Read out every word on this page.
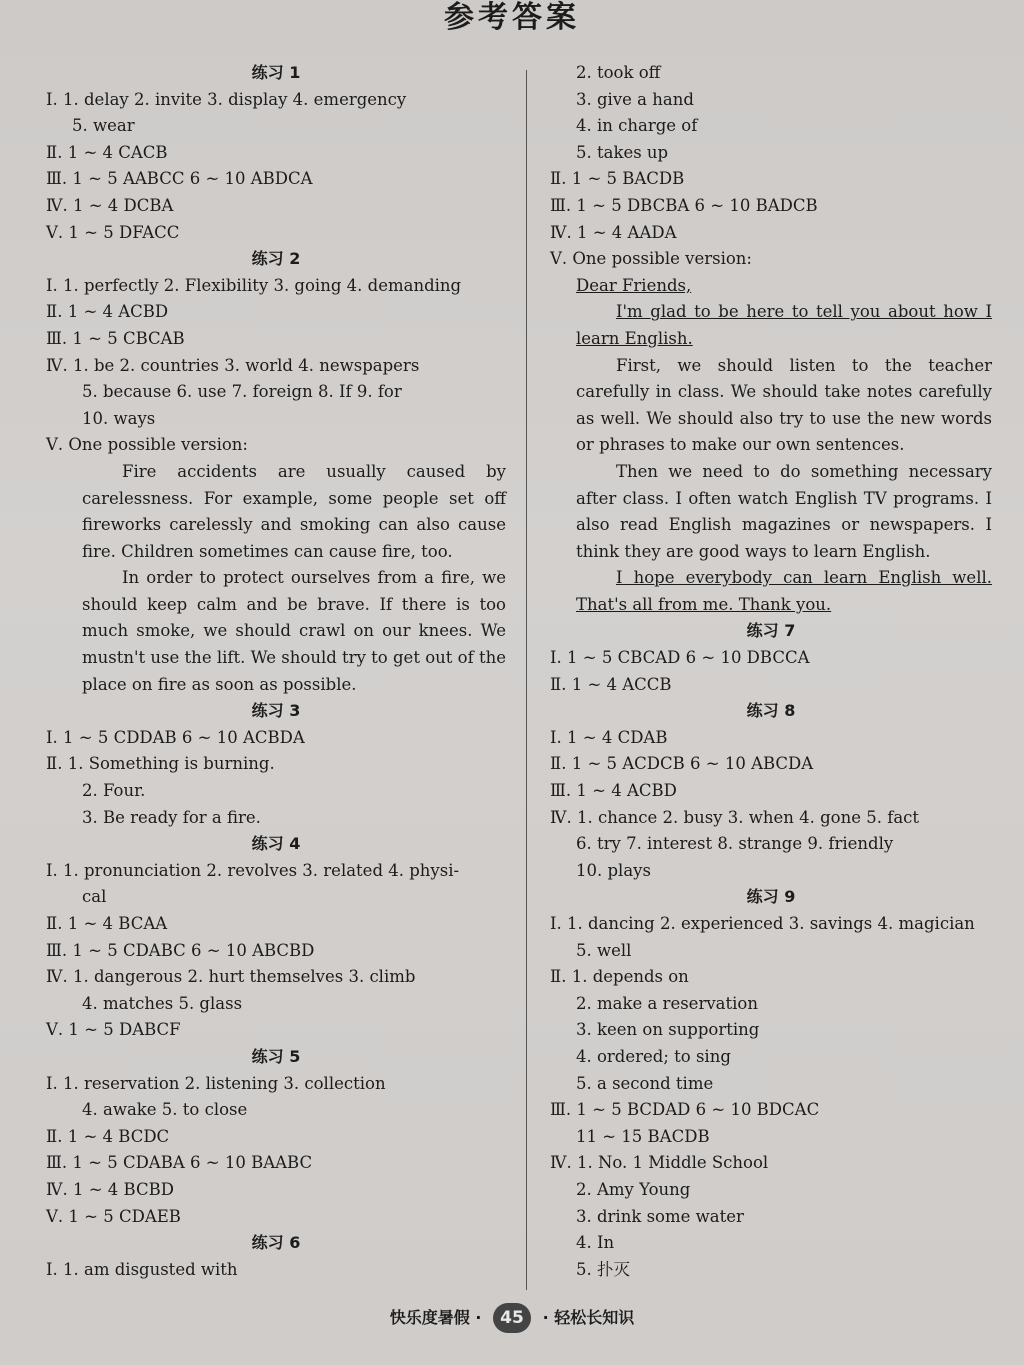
参考答案
练习 1
Ⅰ. 1. delay 2. invite 3. display 4. emergency
5. wear
Ⅱ. 1 ~ 4 CACB
Ⅲ. 1 ~ 5 AABCC 6 ~ 10 ABDCA
Ⅳ. 1 ~ 4 DCBA
Ⅴ. 1 ~ 5 DFACC
练习 2
Ⅰ. 1. perfectly 2. Flexibility 3. going 4. demanding
Ⅱ. 1 ~ 4 ACBD
Ⅲ. 1 ~ 5 CBCAB
Ⅳ. 1. be 2. countries 3. world 4. newspapers
5. because 6. use 7. foreign 8. If 9. for
10. ways
Ⅴ. One possible version:
Fire accidents are usually caused by carelessness. For example, some people set off fireworks carelessly and smoking can also cause fire. Children sometimes can cause fire, too.
In order to protect ourselves from a fire, we should keep calm and be brave. If there is too much smoke, we should crawl on our knees. We mustn't use the lift. We should try to get out of the place on fire as soon as possible.
练习 3
Ⅰ. 1 ~ 5 CDDAB 6 ~ 10 ACBDA
Ⅱ. 1. Something is burning.
2. Four.
3. Be ready for a fire.
练习 4
Ⅰ. 1. pronunciation 2. revolves 3. related 4. physi-
cal
Ⅱ. 1 ~ 4 BCAA
Ⅲ. 1 ~ 5 CDABC 6 ~ 10 ABCBD
Ⅳ. 1. dangerous 2. hurt themselves 3. climb
4. matches 5. glass
Ⅴ. 1 ~ 5 DABCF
练习 5
Ⅰ. 1. reservation 2. listening 3. collection
4. awake 5. to close
Ⅱ. 1 ~ 4 BCDC
Ⅲ. 1 ~ 5 CDABA 6 ~ 10 BAABC
Ⅳ. 1 ~ 4 BCBD
Ⅴ. 1 ~ 5 CDAEB
练习 6
Ⅰ. 1. am disgusted with
2. took off
3. give a hand
4. in charge of
5. takes up
Ⅱ. 1 ~ 5 BACDB
Ⅲ. 1 ~ 5 DBCBA 6 ~ 10 BADCB
Ⅳ. 1 ~ 4 AADA
Ⅴ. One possible version:
Dear Friends,
I'm glad to be here to tell you about how I learn English.
First, we should listen to the teacher carefully in class. We should take notes carefully as well. We should also try to use the new words or phrases to make our own sentences.
Then we need to do something necessary after class. I often watch English TV programs. I also read English magazines or newspapers. I think they are good ways to learn English.
I hope everybody can learn English well. That's all from me. Thank you.
练习 7
Ⅰ. 1 ~ 5 CBCAD 6 ~ 10 DBCCA
Ⅱ. 1 ~ 4 ACCB
练习 8
Ⅰ. 1 ~ 4 CDAB
Ⅱ. 1 ~ 5 ACDCB 6 ~ 10 ABCDA
Ⅲ. 1 ~ 4 ACBD
Ⅳ. 1. chance 2. busy 3. when 4. gone 5. fact
6. try 7. interest 8. strange 9. friendly
10. plays
练习 9
Ⅰ. 1. dancing 2. experienced 3. savings 4. magician
5. well
Ⅱ. 1. depends on
2. make a reservation
3. keen on supporting
4. ordered; to sing
5. a second time
Ⅲ. 1 ~ 5 BCDAD 6 ~ 10 BDCAC
11 ~ 15 BACDB
Ⅳ. 1. No. 1 Middle School
2. Amy Young
3. drink some water
4. In
5. 扑灭
快乐度暑假 · 45 · 轻松长知识
